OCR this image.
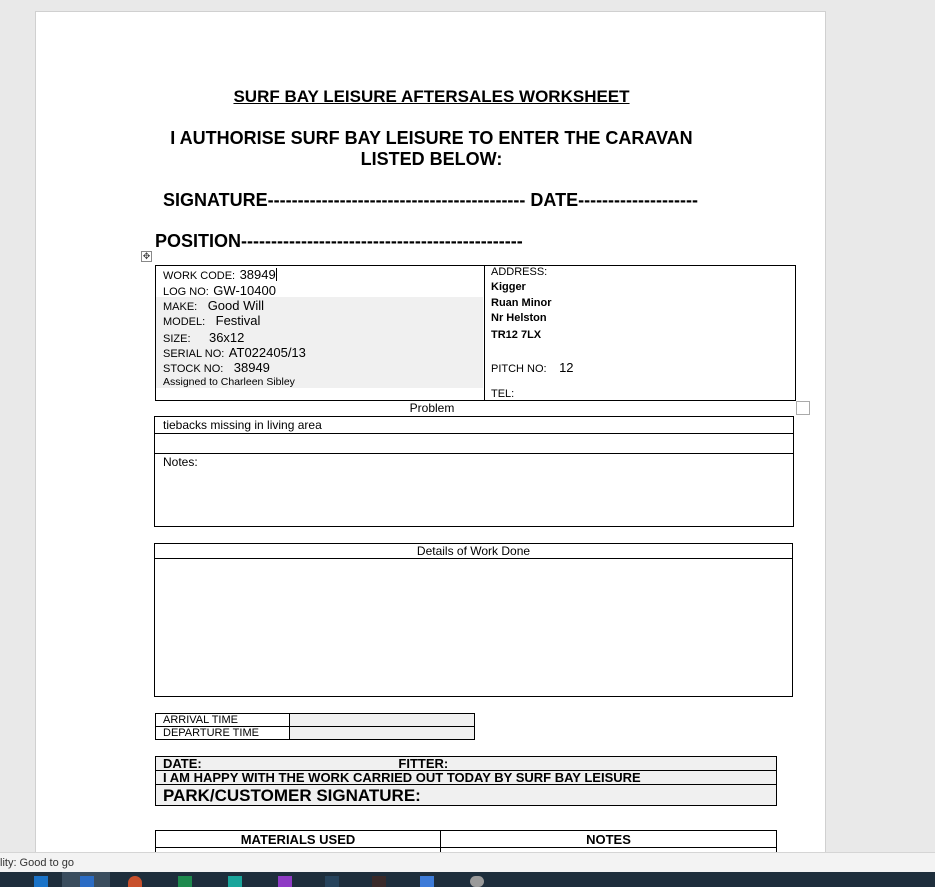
SURF BAY LEISURE AFTERSALES WORKSHEET
I AUTHORISE SURF BAY LEISURE TO ENTER THE CARAVAN
LISTED BELOW:
SIGNATURE------------------------------------------- DATE--------------------
POSITION-----------------------------------------------
✥
WORK CODE: 38949
LOG NO: GW-10400
MAKE: Good Will
MODEL: Festival
SIZE: 36x12
SERIAL NO: AT022405/13
STOCK NO: 38949
Assigned to Charleen Sibley
ADDRESS:
Kigger
Ruan Minor
Nr Helston
TR12 7LX
PITCH NO: 12
TEL:
Problem
tiebacks missing in living area
Notes:
Details of Work Done
ARRIVAL TIME	
DEPARTURE TIME	
DATE:	FITTER:
I AM HAPPY WITH THE WORK CARRIED OUT TODAY BY SURF BAY LEISURE
PARK/CUSTOMER SIGNATURE:
MATERIALS USED	NOTES

lity: Good to go
